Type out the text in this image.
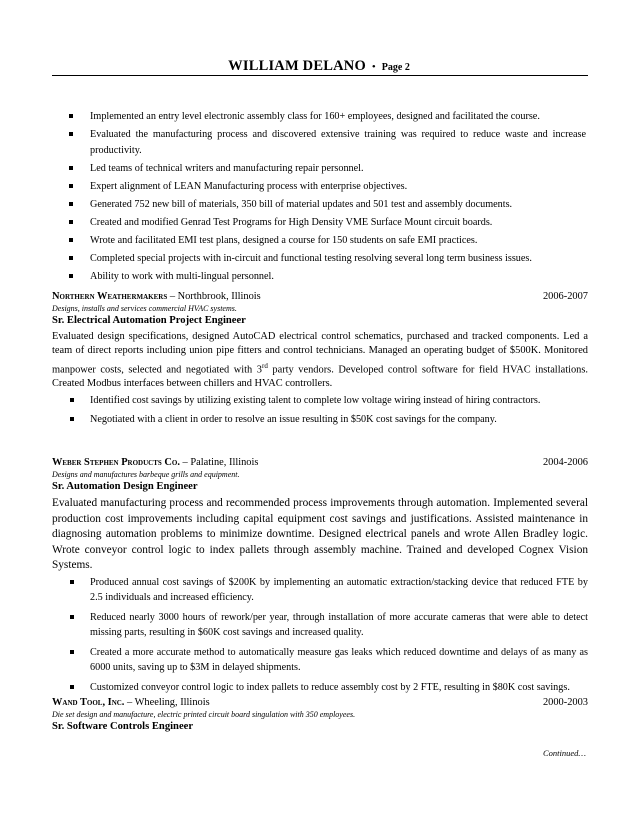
WILLIAM DELANO • Page 2
Implemented an entry level electronic assembly class for 160+ employees, designed and facilitated the course.
Evaluated the manufacturing process and discovered extensive training was required to reduce waste and increase productivity.
Led teams of technical writers and manufacturing repair personnel.
Expert alignment of LEAN Manufacturing process with enterprise objectives.
Generated 752 new bill of materials, 350 bill of material updates and 501 test and assembly documents.
Created and modified Genrad Test Programs for High Density VME Surface Mount circuit boards.
Wrote and facilitated EMI test plans, designed a course for 150 students on safe EMI practices.
Completed special projects with in-circuit and functional testing resolving several long term business issues.
Ability to work with multi-lingual personnel.
Northern Weathermakers – Northbrook, Illinois	2006-2007
Designs, installs and services commercial HVAC systems.
Sr. Electrical Automation Project Engineer
Evaluated design specifications, designed AutoCAD electrical control schematics, purchased and tracked components. Led a team of direct reports including union pipe fitters and control technicians. Managed an operating budget of $500K. Monitored manpower costs, selected and negotiated with 3rd party vendors. Developed control software for field HVAC installations. Created Modbus interfaces between chillers and HVAC controllers.
Identified cost savings by utilizing existing talent to complete low voltage wiring instead of hiring contractors.
Negotiated with a client in order to resolve an issue resulting in $50K cost savings for the company.
Weber Stephen Products Co. – Palatine, Illinois	2004-2006
Designs and manufactures barbeque grills and equipment.
Sr. Automation Design Engineer
Evaluated manufacturing process and recommended process improvements through automation. Implemented several production cost improvements including capital equipment cost savings and justifications. Assisted maintenance in diagnosing automation problems to minimize downtime. Designed electrical panels and wrote Allen Bradley logic. Wrote conveyor control logic to index pallets through assembly machine. Trained and developed Cognex Vision Systems.
Produced annual cost savings of $200K by implementing an automatic extraction/stacking device that reduced FTE by 2.5 individuals and increased efficiency.
Reduced nearly 3000 hours of rework/per year, through installation of more accurate cameras that were able to detect missing parts, resulting in $60K cost savings and increased quality.
Created a more accurate method to automatically measure gas leaks which reduced downtime and delays of as many as 6000 units, saving up to $3M in delayed shipments.
Customized conveyor control logic to index pallets to reduce assembly cost by 2 FTE, resulting in $80K cost savings.
Wand Tool, Inc. – Wheeling, Illinois	2000-2003
Die set design and manufacture, electric printed circuit board singulation with 350 employees.
Sr. Software Controls Engineer
Continued…
